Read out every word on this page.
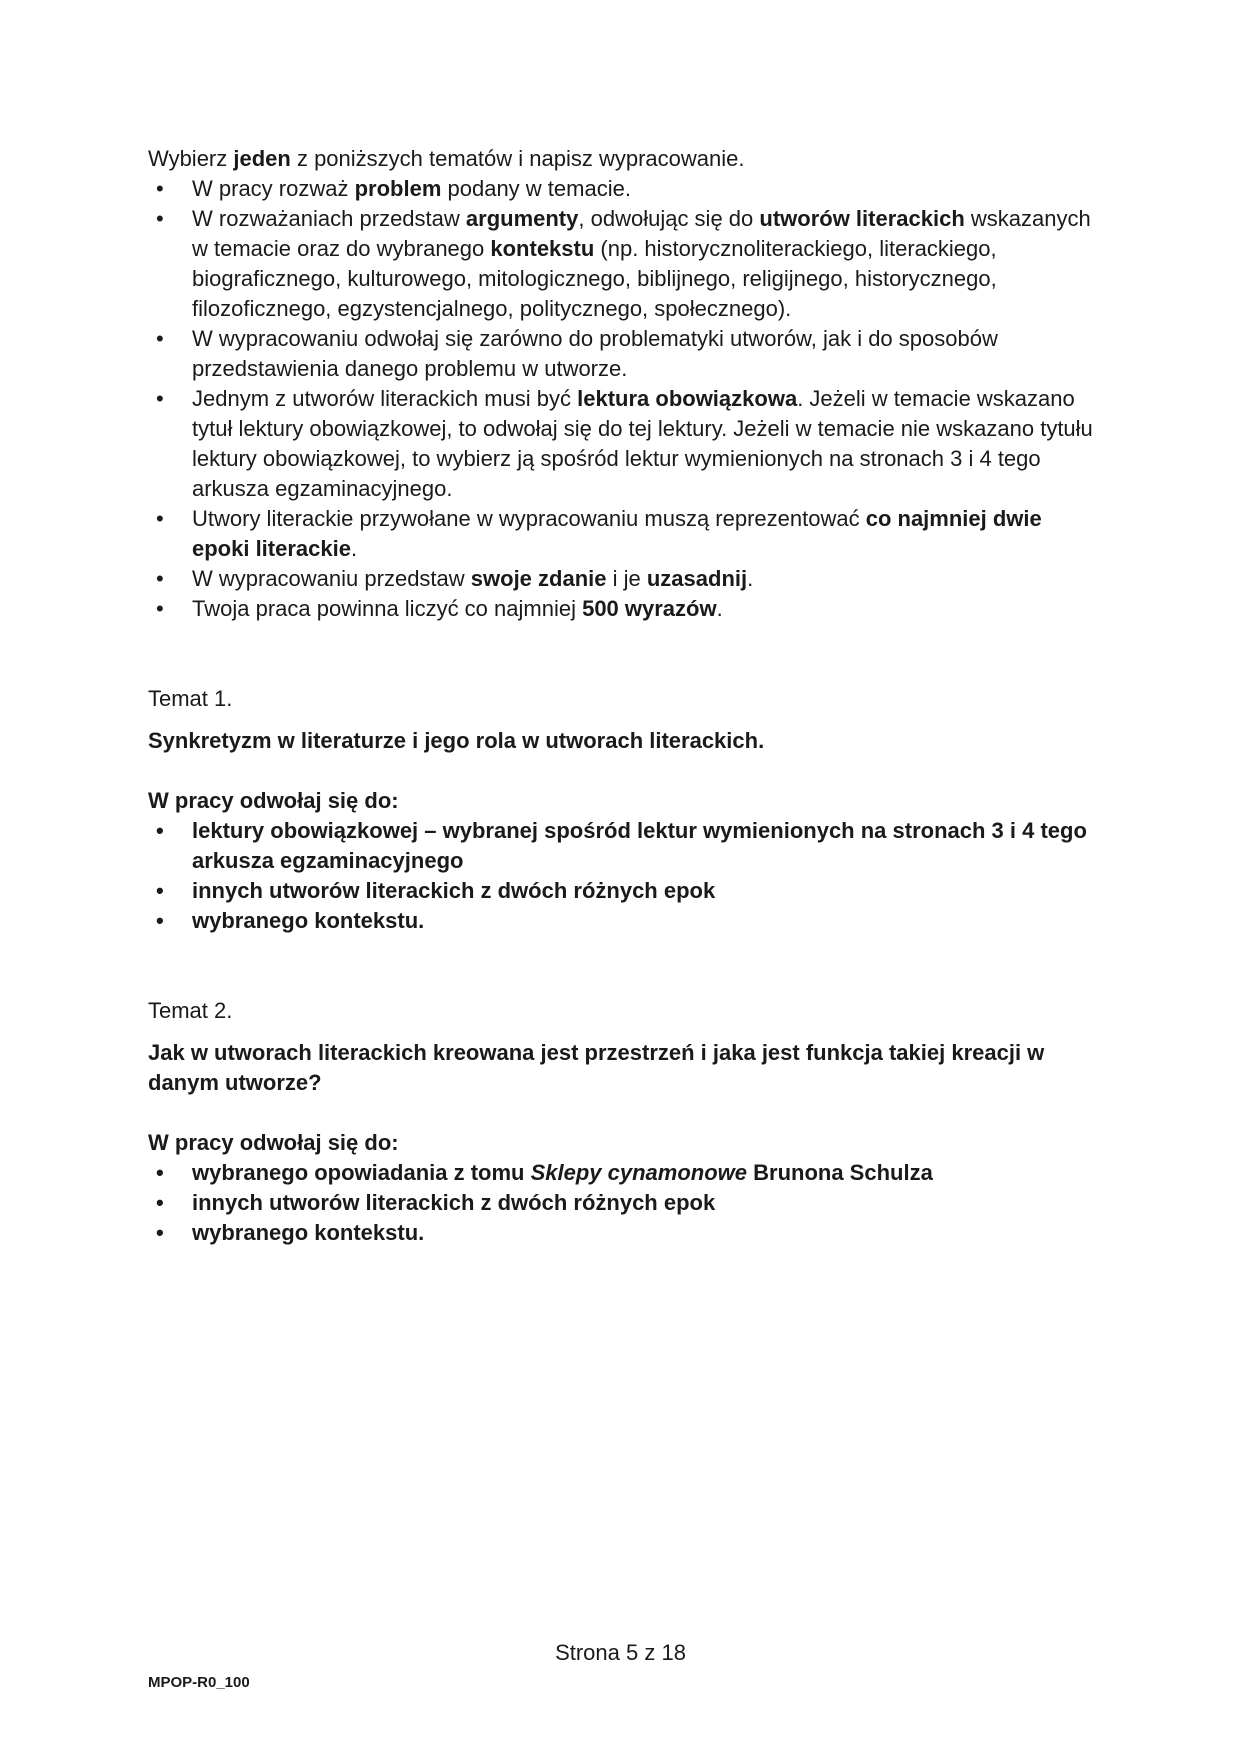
Wybierz jeden z poniższych tematów i napisz wypracowanie.

• W pracy rozważ problem podany w temacie.
• W rozważaniach przedstaw argumenty, odwołując się do utworów literackich wskazanych w temacie oraz do wybranego kontekstu (np. historycznoliterackiego, literackiego, biograficznego, kulturowego, mitologicznego, biblijnego, religijnego, historycznego, filozoficznego, egzystencjalnego, politycznego, społecznego).
• W wypracowaniu odwołaj się zarówno do problematyki utworów, jak i do sposobów przedstawienia danego problemu w utworze.
• Jednym z utworów literackich musi być lektura obowiązkowa. Jeżeli w temacie wskazano tytuł lektury obowiązkowej, to odwołaj się do tej lektury. Jeżeli w temacie nie wskazano tytułu lektury obowiązkowej, to wybierz ją spośród lektur wymienionych na stronach 3 i 4 tego arkusza egzaminacyjnego.
• Utwory literackie przywołane w wypracowaniu muszą reprezentować co najmniej dwie epoki literackie.
• W wypracowaniu przedstaw swoje zdanie i je uzasadnij.
• Twoja praca powinna liczyć co najmniej 500 wyrazów.

Temat 1.

Synkretyzm w literaturze i jego rola w utworach literackich.

W pracy odwołaj się do:

• lektury obowiązkowej – wybranej spośród lektur wymienionych na stronach 3 i 4 tego arkusza egzaminacyjnego
• innych utworów literackich z dwóch różnych epok
• wybranego kontekstu.

Temat 2.

Jak w utworach literackich kreowana jest przestrzeń i jaka jest funkcja takiej kreacji w danym utworze?

W pracy odwołaj się do:

• wybranego opowiadania z tomu Sklepy cynamonowe Brunona Schulza
• innych utworów literackich z dwóch różnych epok
• wybranego kontekstu.
Strona 5 z 18
MPOP-R0_100
